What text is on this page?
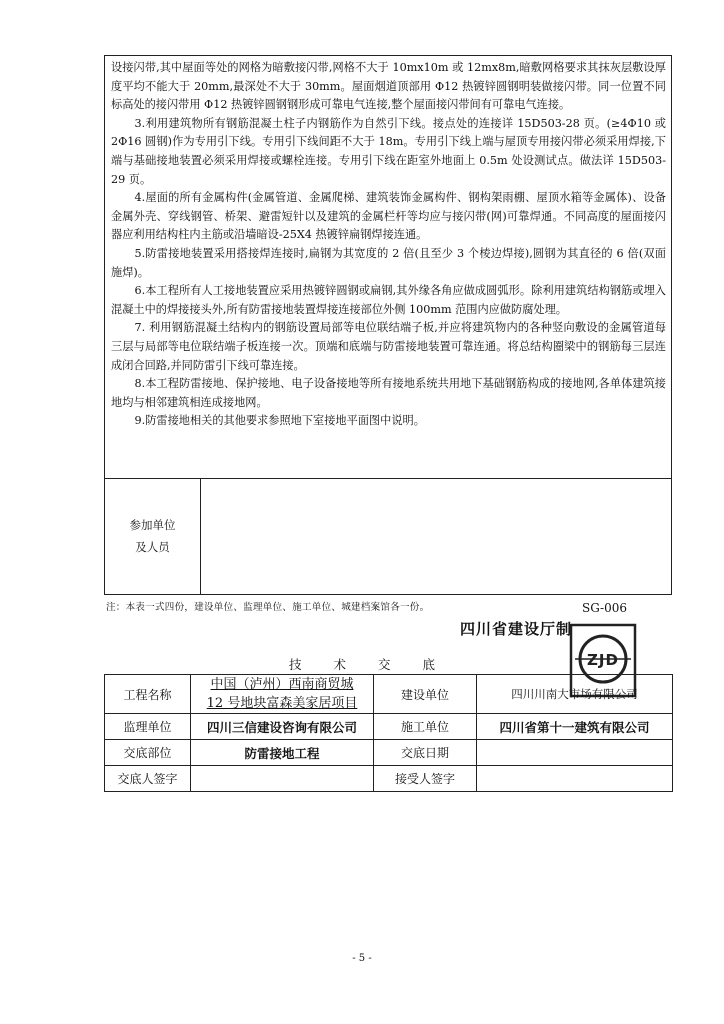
设接闪带,其中屋面等处的网格为暗敷接闪带,网格不大于 10mx10m 或 12mx8m,暗敷网格要求其抹灰层敷设厚度平均不能大于 20mm,最深处不大于 30mm。屋面烟道顶部用 Φ12 热镀锌圆钢明装做接闪带。同一位置不同标高处的接闪带用 Φ12 热镀锌圆钢钢形成可靠电气连接,整个屋面接闪带间有可靠电气连接。

3.利用建筑物所有钢筋混凝土柱子内钢筋作为自然引下线。接点处的连接详 15D503-28 页。(≥4Φ10 或 2Φ16 圆钢)作为专用引下线。专用引下线间距不大于 18m。专用引下线上端与屋顶专用接闪带必须采用焊接,下端与基础接地装置必须采用焊接或螺栓连接。专用引下线在距室外地面上 0.5m 处设测试点。做法详 15D503-29 页。

4.屋面的所有金属构件(金属管道、金属爬梯、建筑装饰金属构件、钢构架雨棚、屋顶水箱等金属体)、设备金属外壳、穿线钢管、桥架、避雷短针以及建筑的金属栏杆等均应与接闪带(网)可靠焊通。不同高度的屋面接闪器应利用结构柱内主筋或沿墙暗设-25X4 热镀锌扁钢焊接连通。

5.防雷接地装置采用搭接焊连接时,扁钢为其宽度的 2 倍(且至少 3 个棱边焊接),圆钢为其直径的 6 倍(双面施焊)。

6.本工程所有人工接地装置应采用热镀锌圆钢或扁钢,其外缘各角应做成圆弧形。除利用建筑结构钢筋或埋入混凝土中的焊接接头外,所有防雷接地装置焊接连接部位外侧 100mm 范围内应做防腐处理。

7. 利用钢筋混凝土结构内的钢筋设置局部等电位联结端子板,并应将建筑物内的各种竖向敷设的金属管道每三层与局部等电位联结端子板连接一次。顶端和底端与防雷接地装置可靠连通。将总结构圈梁中的钢筋每三层连成闭合回路,并同防雷引下线可靠连接。

8.本工程防雷接地、保护接地、电子设备接地等所有接地系统共用地下基础钢筋构成的接地网,各单体建筑接地均与相邻建筑相连成接地网。

9.防雷接地相关的其他要求参照地下室接地平面图中说明。

参加单位
及人员
注：本表一式四份，建设单位、监理单位、施工单位、城建档案馆各一份。	SG-006
四川省建设厅制
ZJD
技 术 交 底
工程名称	中国（泸州）西南商贸城
12 号地块富森美家居项目	建设单位	四川川南大市场有限公司
监理单位	四川三信建设咨询有限公司	施工单位	四川省第十一建筑有限公司
交底部位	防雷接地工程	交底日期	
交底人签字		接受人签字	
- 5 -
